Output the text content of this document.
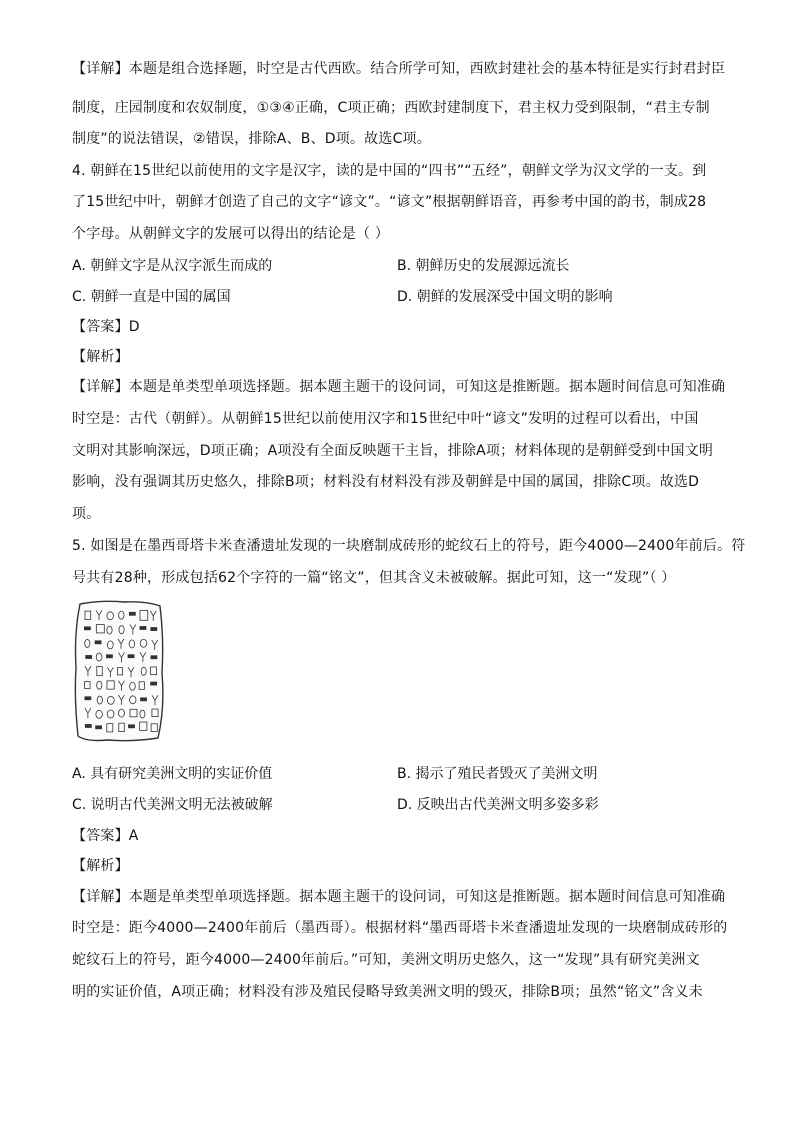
【详解】本题是组合选择题，时空是古代西欧。结合所学可知，西欧封建社会的基本特征是实行封君封臣
制度，庄园制度和农奴制度，①③④正确，C项正确；西欧封建制度下，君主权力受到限制，“君主专制
制度”的说法错误，②错误，排除A、B、D项。故选C项。
4. 朝鲜在15世纪以前使用的文字是汉字，读的是中国的“四书”“五经”，朝鲜文学为汉文学的一支。到
了15世纪中叶，朝鲜才创造了自己的文字“谚文”。“谚文”根据朝鲜语音，再参考中国的韵书，制成28
个字母。从朝鲜文字的发展可以得出的结论是（ ）
A. 朝鲜文字是从汉字派生而成的	B. 朝鲜历史的发展源远流长
C. 朝鲜一直是中国的属国	D. 朝鲜的发展深受中国文明的影响
【答案】D
【解析】
【详解】本题是单类型单项选择题。据本题主题干的设问词，可知这是推断题。据本题时间信息可知准确
时空是：古代（朝鲜）。从朝鲜15世纪以前使用汉字和15世纪中叶“谚文”发明的过程可以看出，中国
文明对其影响深远，D项正确；A项没有全面反映题干主旨，排除A项；材料体现的是朝鲜受到中国文明
影响，没有强调其历史悠久，排除B项；材料没有材料没有涉及朝鲜是中国的属国，排除C项。故选D
项。
5. 如图是在墨西哥塔卡米查潘遗址发现的一块磨制成砖形的蛇纹石上的符号，距今4000—2400年前后。符
号共有28种，形成包括62个字符的一篇“铭文”，但其含义未被破解。据此可知，这一“发现”（ ）
A. 具有研究美洲文明的实证价值	B. 揭示了殖民者毁灭了美洲文明
C. 说明古代美洲文明无法被破解	D. 反映出古代美洲文明多姿多彩
【答案】A
【解析】
【详解】本题是单类型单项选择题。据本题主题干的设问词，可知这是推断题。据本题时间信息可知准确
时空是：距今4000—2400年前后（墨西哥）。根据材料“墨西哥塔卡米查潘遗址发现的一块磨制成砖形的
蛇纹石上的符号，距今4000—2400年前后。”可知，美洲文明历史悠久，这一“发现”具有研究美洲文
明的实证价值，A项正确；材料没有涉及殖民侵略导致美洲文明的毁灭，排除B项；虽然“铭文”含义未
